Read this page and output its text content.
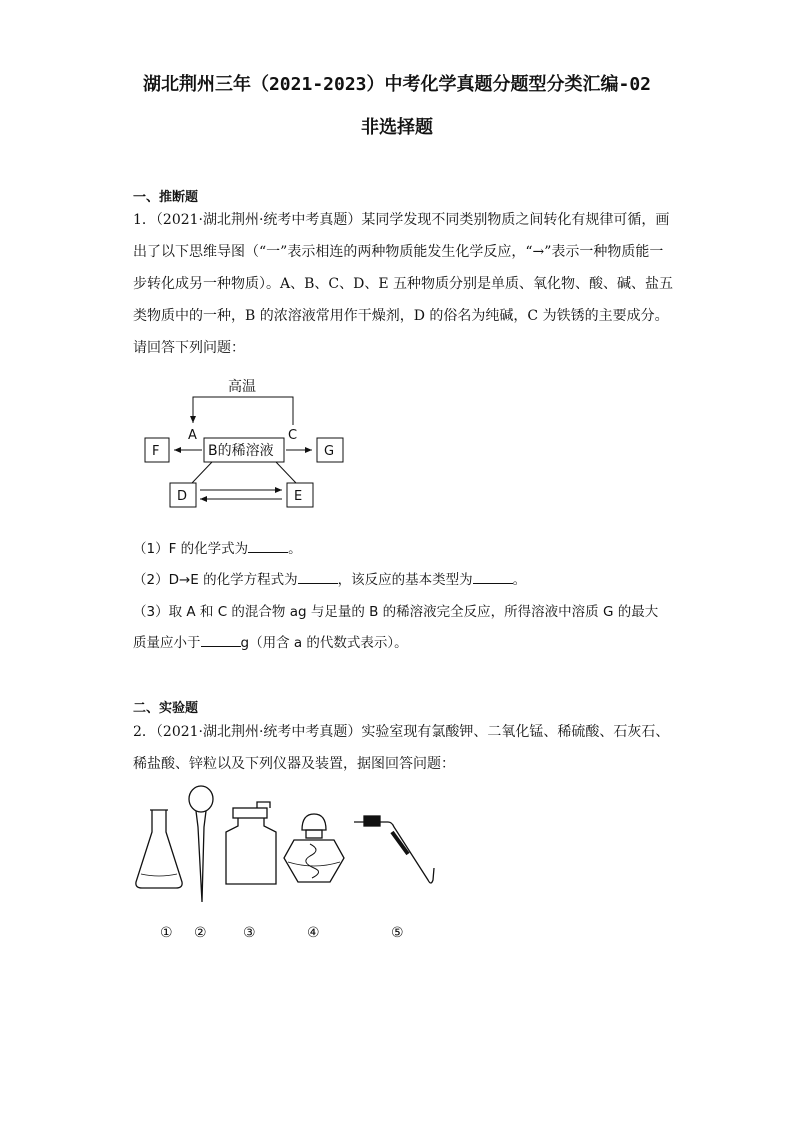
湖北荆州三年（2021-2023）中考化学真题分题型分类汇编-02
非选择题
一、推断题
1．（2021·湖北荆州·统考中考真题）某同学发现不同类别物质之间转化有规律可循，画
出了以下思维导图（“一”表示相连的两种物质能发生化学反应，“→”表示一种物质能一
步转化成另一种物质）。A、B、C、D、E 五种物质分别是单质、氧化物、酸、碱、盐五
类物质中的一种，B 的浓溶液常用作干燥剂，D 的俗名为纯碱，C 为铁锈的主要成分。
请回答下列问题：
高温
A	C
B的稀溶液
F	G
D	E
（1）F 的化学式为	。
（2）D→E 的化学方程式为	，该反应的基本类型为	。
（3）取 A 和 C 的混合物 ag 与足量的 B 的稀溶液完全反应，所得溶液中溶质 G 的最大
质量应小于	g（用含 a 的代数式表示）。
二、实验题
2．（2021·湖北荆州·统考中考真题）实验室现有氯酸钾、二氧化锰、稀硫酸、石灰石、
稀盐酸、锌粒以及下列仪器及装置，据图回答问题：
① ②	③	④	⑤
